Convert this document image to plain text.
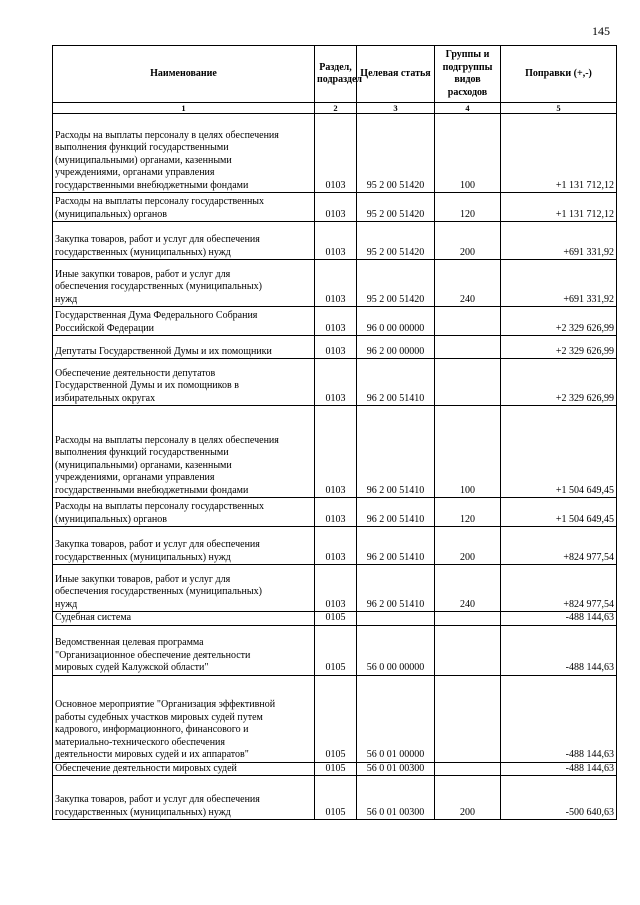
145
Наименование	Раздел, подраздел	Целевая статья	Группы и подгруппы видов расходов	Поправки (+,-)
1	2	3	4	5

Расходы на выплаты персоналу в целях обеспечения
выполнения функций государственными
(муниципальными) органами, казенными
учреждениями, органами управления
государственными внебюджетными фондами	0103	95 2 00 51420	100	+1 131 712,12

Расходы на выплаты персоналу государственных
(муниципальных) органов	0103	95 2 00 51420	120	+1 131 712,12

Закупка товаров, работ и услуг для обеспечения
государственных (муниципальных) нужд	0103	95 2 00 51420	200	+691 331,92

Иные закупки товаров, работ и услуг для
обеспечения государственных (муниципальных)
нужд	0103	95 2 00 51420	240	+691 331,92

Государственная Дума Федерального Собрания
Российской Федерации	0103	96 0 00 00000		+2 329 626,99

Депутаты Государственной Думы и их помощники	0103	96 2 00 00000		+2 329 626,99

Обеспечение деятельности депутатов
Государственной Думы и их помощников в
избирательных округах	0103	96 2 00 51410		+2 329 626,99

Расходы на выплаты персоналу в целях обеспечения
выполнения функций государственными
(муниципальными) органами, казенными
учреждениями, органами управления
государственными внебюджетными фондами	0103	96 2 00 51410	100	+1 504 649,45

Расходы на выплаты персоналу государственных
(муниципальных) органов	0103	96 2 00 51410	120	+1 504 649,45

Закупка товаров, работ и услуг для обеспечения
государственных (муниципальных) нужд	0103	96 2 00 51410	200	+824 977,54

Иные закупки товаров, работ и услуг для
обеспечения государственных (муниципальных)
нужд	0103	96 2 00 51410	240	+824 977,54

Судебная система	0105			-488 144,63

Ведомственная целевая программа
"Организационное обеспечение деятельности
мировых судей Калужской области"	0105	56 0 00 00000		-488 144,63

Основное мероприятие "Организация эффективной
работы судебных участков мировых судей путем
кадрового, информационного, финансового и
материально-технического обеспечения
деятельности мировых судей и их аппаратов"	0105	56 0 01 00000		-488 144,63

Обеспечение деятельности мировых судей	0105	56 0 01 00300		-488 144,63

Закупка товаров, работ и услуг для обеспечения
государственных (муниципальных) нужд	0105	56 0 01 00300	200	-500 640,63
